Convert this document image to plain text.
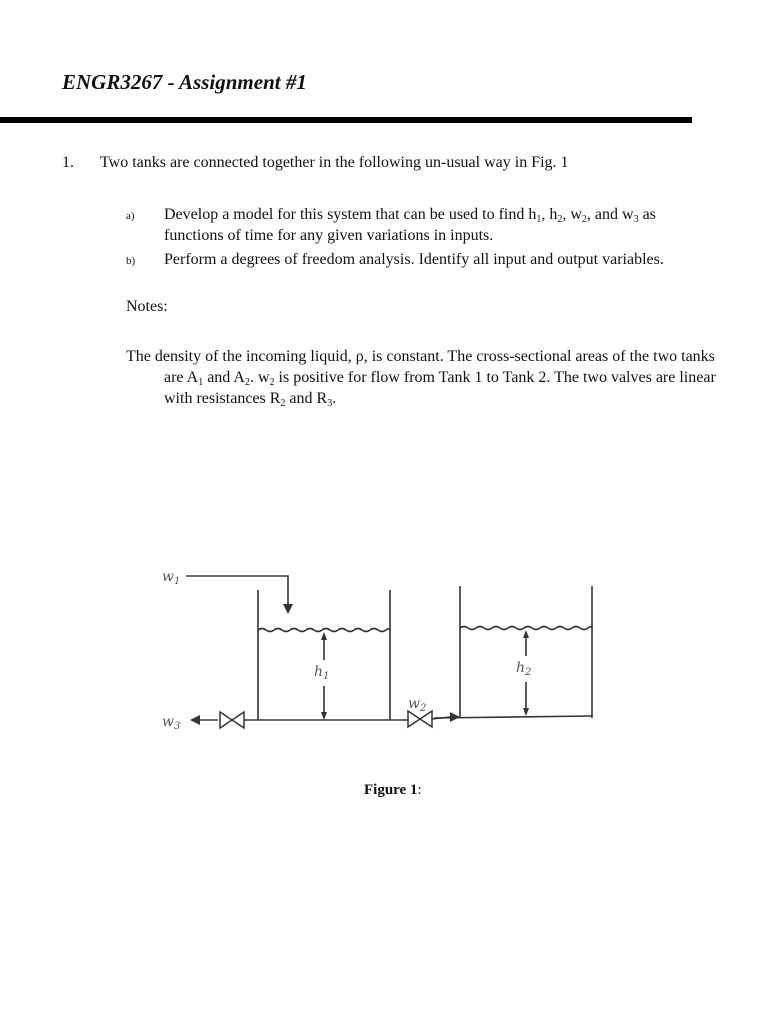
ENGR3267 - Assignment #1
1. Two tanks are connected together in the following un-usual way in Fig. 1
a) Develop a model for this system that can be used to find $h_1$, $h_2$, $w_2$, and $w_3$ as functions of time for any given variations in inputs.
b) Perform a degrees of freedom analysis. Identify all input and output variables.
Notes:
The density of the incoming liquid, ρ, is constant. The cross-sectional areas of the two tanks are $A_1$ and $A_2$. $w_2$ is positive for flow from Tank 1 to Tank 2. The two valves are linear with resistances $R_2$ and $R_3$.
$w_1$
$w_2$
$w_3$
$h_1$
$h_2$
Figure 1:
